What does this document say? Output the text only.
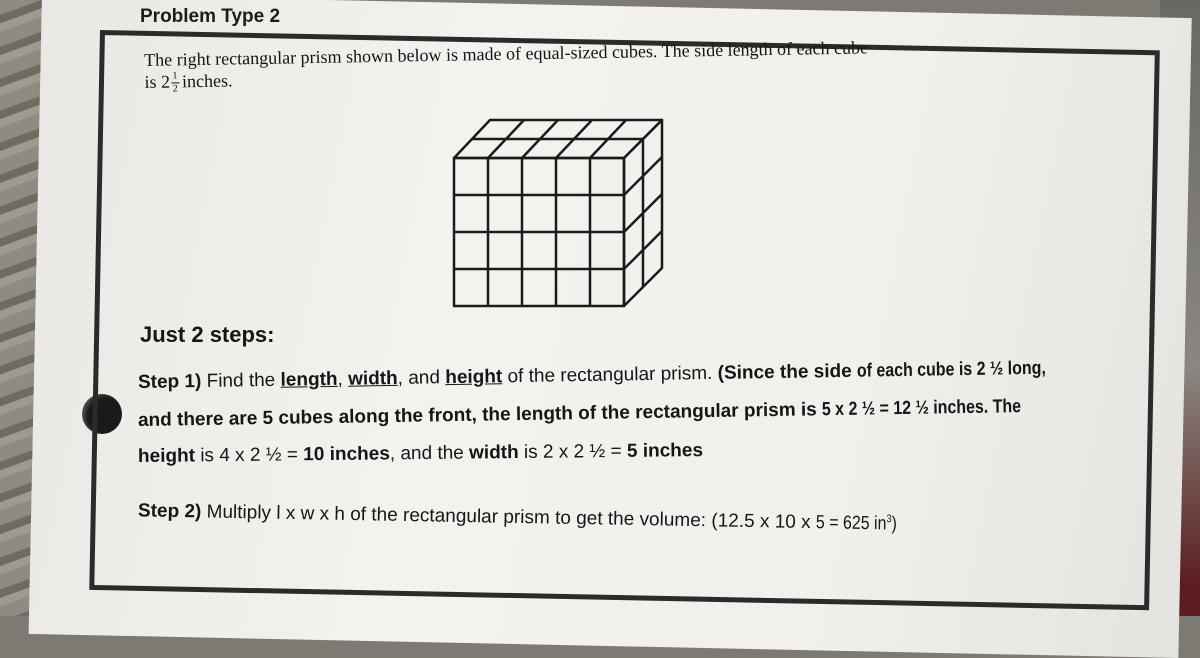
Problem Type 2
The right rectangular prism shown below is made of equal-sized cubes. The side length of each cube
is $2 \frac{1}{2}$ inches.
Just 2 steps:
Step 1) Find the length, width, and height of the rectangular prism. (Since the side of each cube is 2 ½ long,
and there are 5 cubes along the front, the length of the rectangular prism is 5 x 2 ½ = 12 ½ inches. The
height is 4 x 2 ½ = 10 inches, and the width is 2 x 2 ½ = 5 inches
Step 2) Multiply l x w x h of the rectangular prism to get the volume: (12.5 x 10 x 5 = 625 $in^3$)
